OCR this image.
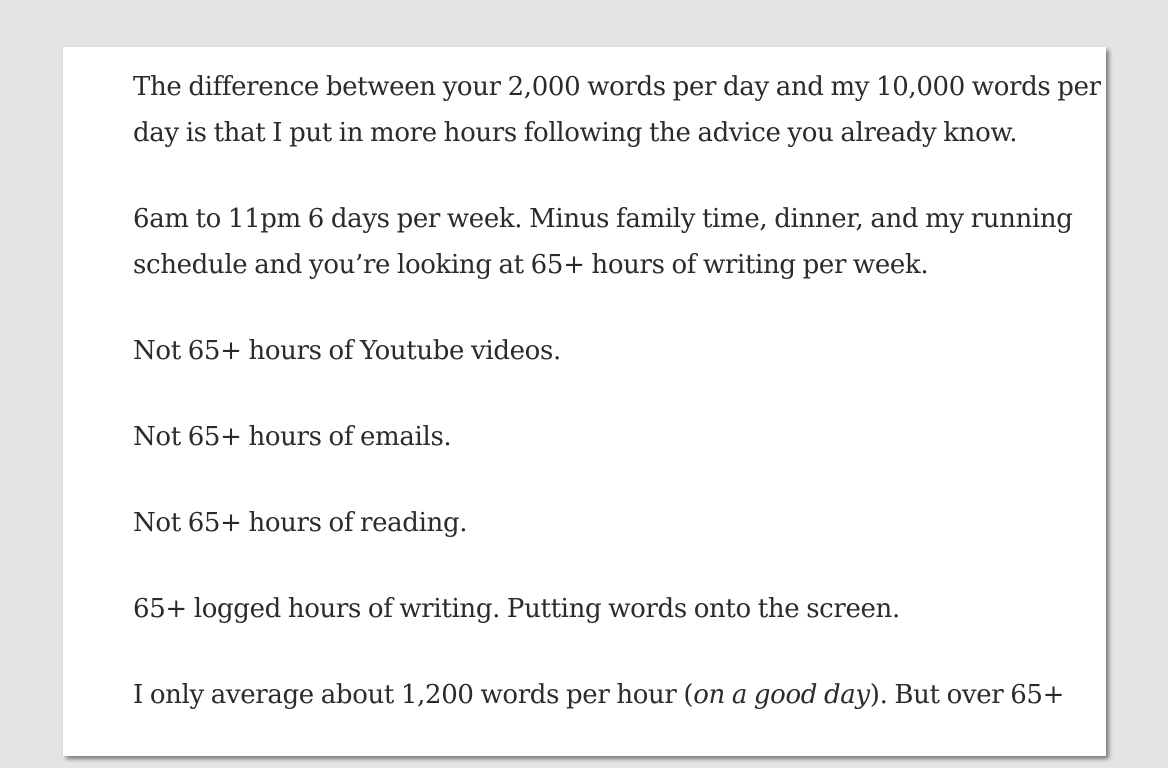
The difference between your 2,000 words per day and my 10,000 words per
day is that I put in more hours following the advice you already know.

6am to 11pm 6 days per week. Minus family time, dinner, and my running
schedule and you’re looking at 65+ hours of writing per week.

Not 65+ hours of Youtube videos.

Not 65+ hours of emails.

Not 65+ hours of reading.

65+ logged hours of writing. Putting words onto the screen.

I only average about 1,200 words per hour (on a good day). But over 65+
